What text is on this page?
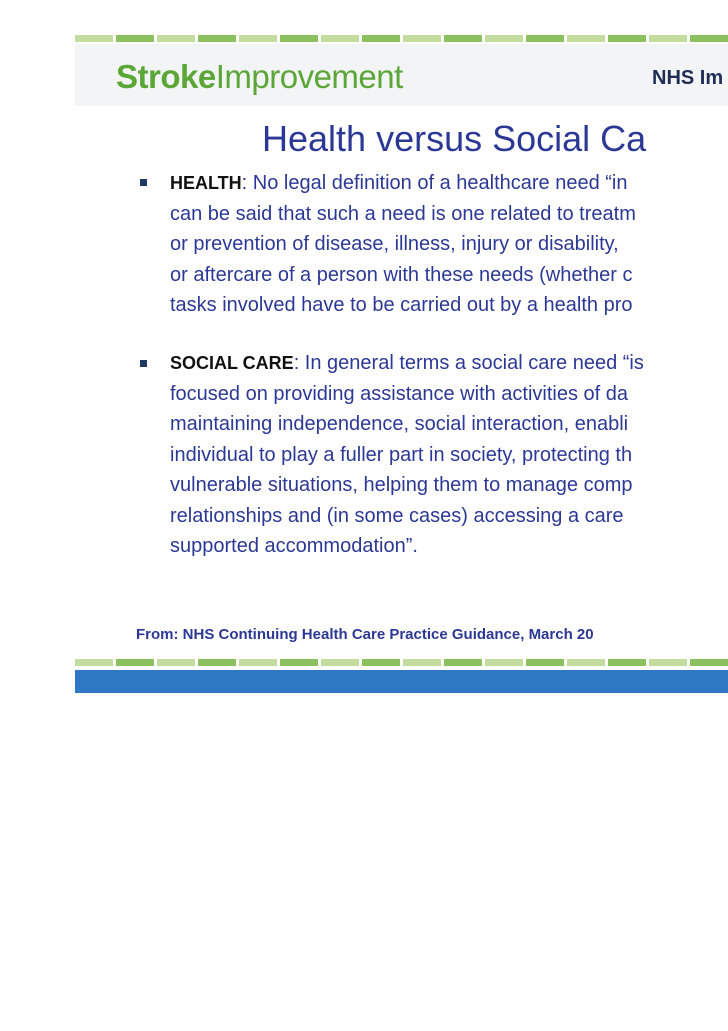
StrokeImprovement	NHS Im
Health versus Social Ca
HEALTH: No legal definition of a healthcare need “in
can be said that such a need is one related to treatm
or prevention of disease, illness, injury or disability,
or aftercare of a person with these needs (whether c
tasks involved have to be carried out by a health pro
SOCIAL CARE: In general terms a social care need “is
focused on providing assistance with activities of da
maintaining independence, social interaction, enabli
individual to play a fuller part in society, protecting th
vulnerable situations, helping them to manage comp
relationships and (in some cases) accessing a care
supported accommodation”.
From: NHS Continuing Health Care Practice Guidance, March 20
